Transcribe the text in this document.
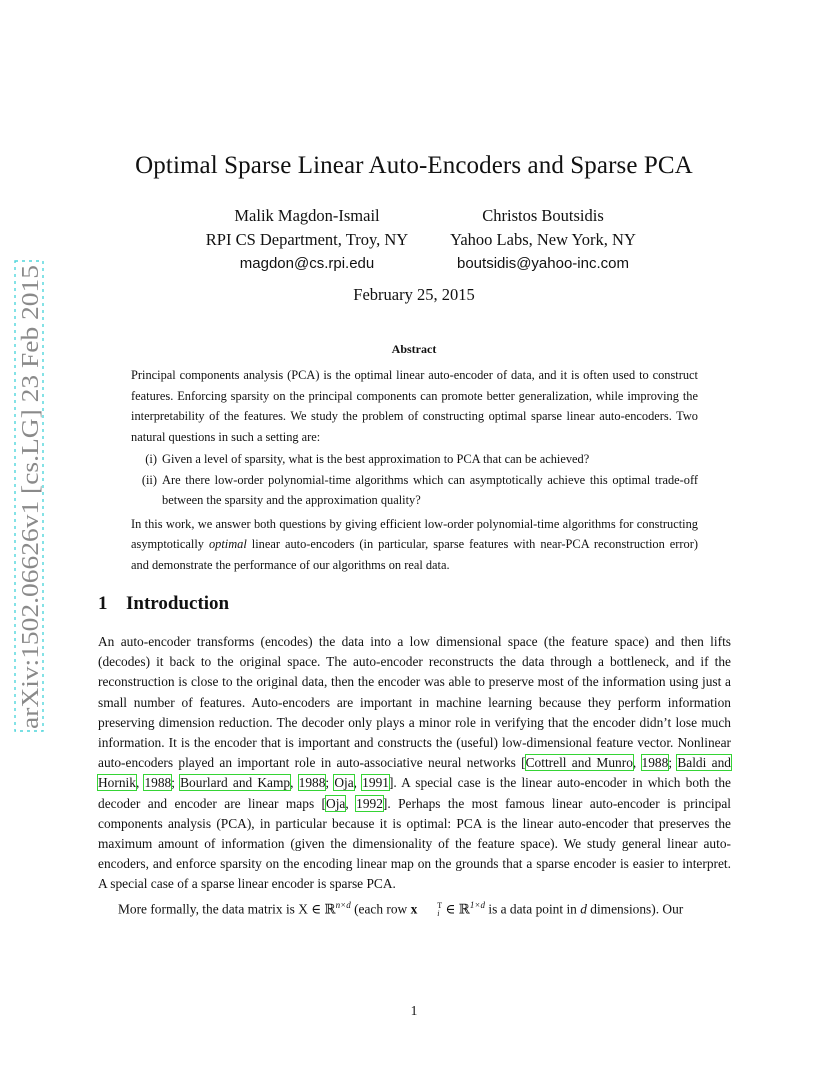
arXiv:1502.06626v1 [cs.LG] 23 Feb 2015
Optimal Sparse Linear Auto-Encoders and Sparse PCA
Malik Magdon-Ismail
RPI CS Department, Troy, NY
magdon@cs.rpi.edu
Christos Boutsidis
Yahoo Labs, New York, NY
boutsidis@yahoo-inc.com
February 25, 2015
Abstract

Principal components analysis (PCA) is the optimal linear auto-encoder of data, and it is often used to construct features. Enforcing sparsity on the principal components can promote better generalization, while improving the interpretability of the features. We study the problem of constructing optimal sparse linear auto-encoders. Two natural questions in such a setting are:

(i) Given a level of sparsity, what is the best approximation to PCA that can be achieved?
(ii) Are there low-order polynomial-time algorithms which can asymptotically achieve this optimal trade-off between the sparsity and the approximation quality?

In this work, we answer both questions by giving efficient low-order polynomial-time algorithms for constructing asymptotically optimal linear auto-encoders (in particular, sparse features with near-PCA reconstruction error) and demonstrate the performance of our algorithms on real data.

1 Introduction

An auto-encoder transforms (encodes) the data into a low dimensional space (the feature space) and then lifts (decodes) it back to the original space. The auto-encoder reconstructs the data through a bottleneck, and if the reconstruction is close to the original data, then the encoder was able to preserve most of the information using just a small number of features. Auto-encoders are important in machine learning because they perform information preserving dimension reduction. The decoder only plays a minor role in verifying that the encoder didn’t lose much information. It is the encoder that is important and constructs the (useful) low-dimensional feature vector. Nonlinear auto-encoders played an important role in auto-associative neural networks [Cottrell and Munro, 1988; Baldi and Hornik, 1988; Bourlard and Kamp, 1988; Oja, 1991]. A special case is the linear auto-encoder in which both the decoder and encoder are linear maps [Oja, 1992]. Perhaps the most famous linear auto-encoder is principal components analysis (PCA), in particular because it is optimal: PCA is the linear auto-encoder that preserves the maximum amount of information (given the dimensionality of the feature space). We study general linear auto-encoders, and enforce sparsity on the encoding linear map on the grounds that a sparse encoder is easier to interpret. A special case of a sparse linear encoder is sparse PCA.

More formally, the data matrix is X ∈ ℝ$^{n\times d}$ (each row x	T
i ∈ ℝ$^{1\times d}$ is a data point in d dimensions). Our

1
